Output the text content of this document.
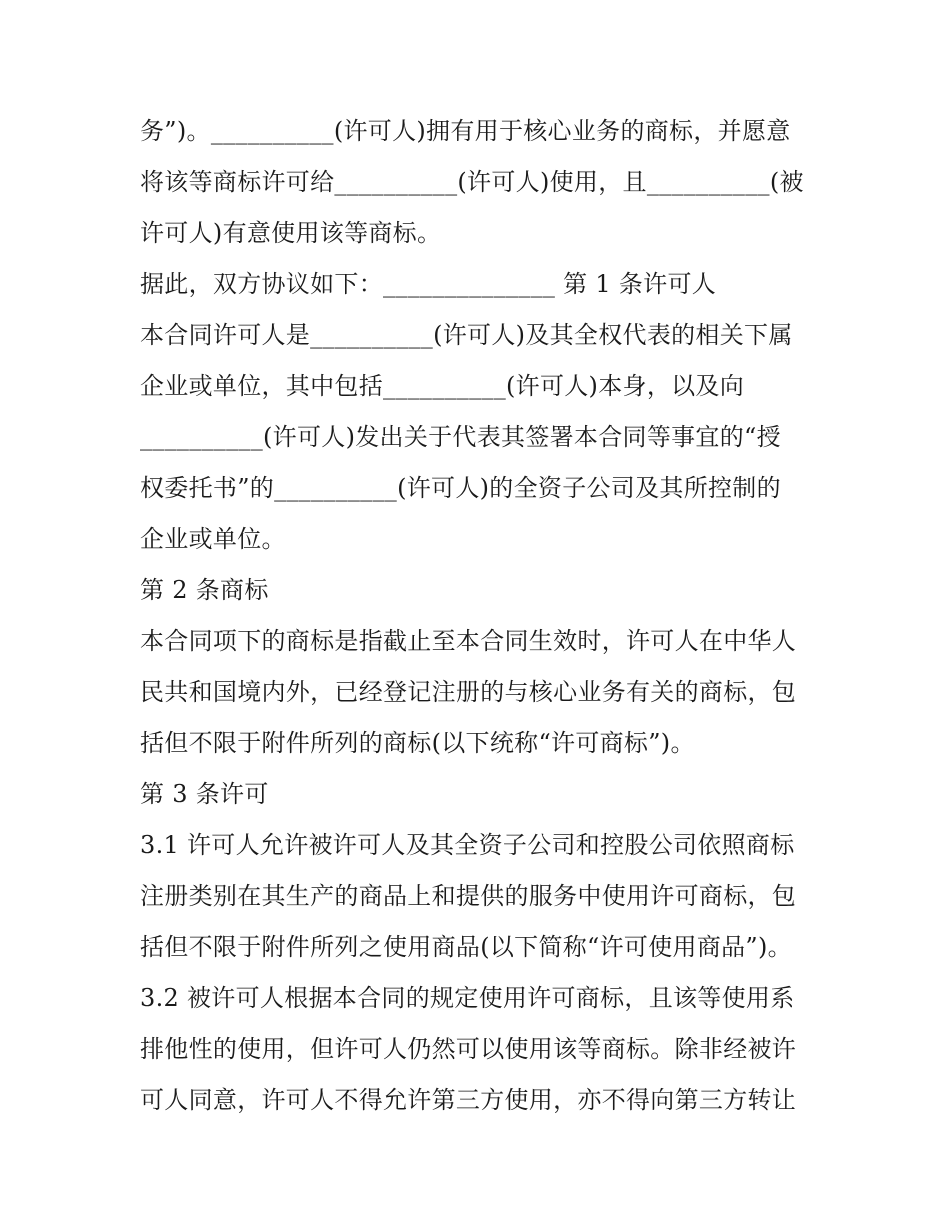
务”)。__________(许可人)拥有用于核心业务的商标，并愿意
将该等商标许可给__________(许可人)使用，且__________(被
许可人)有意使用该等商标。
据此，双方协议如下：______________ 第 1 条许可人
本合同许可人是__________(许可人)及其全权代表的相关下属
企业或单位，其中包括__________(许可人)本身，以及向
__________(许可人)发出关于代表其签署本合同等事宜的“授
权委托书”的__________(许可人)的全资子公司及其所控制的
企业或单位。
第 2 条商标
本合同项下的商标是指截止至本合同生效时，许可人在中华人
民共和国境内外，已经登记注册的与核心业务有关的商标，包
括但不限于附件所列的商标(以下统称“许可商标”)。
第 3 条许可
3.1 许可人允许被许可人及其全资子公司和控股公司依照商标
注册类别在其生产的商品上和提供的服务中使用许可商标，包
括但不限于附件所列之使用商品(以下简称“许可使用商品”)。
3.2 被许可人根据本合同的规定使用许可商标，且该等使用系
排他性的使用，但许可人仍然可以使用该等商标。除非经被许
可人同意，许可人不得允许第三方使用，亦不得向第三方转让
